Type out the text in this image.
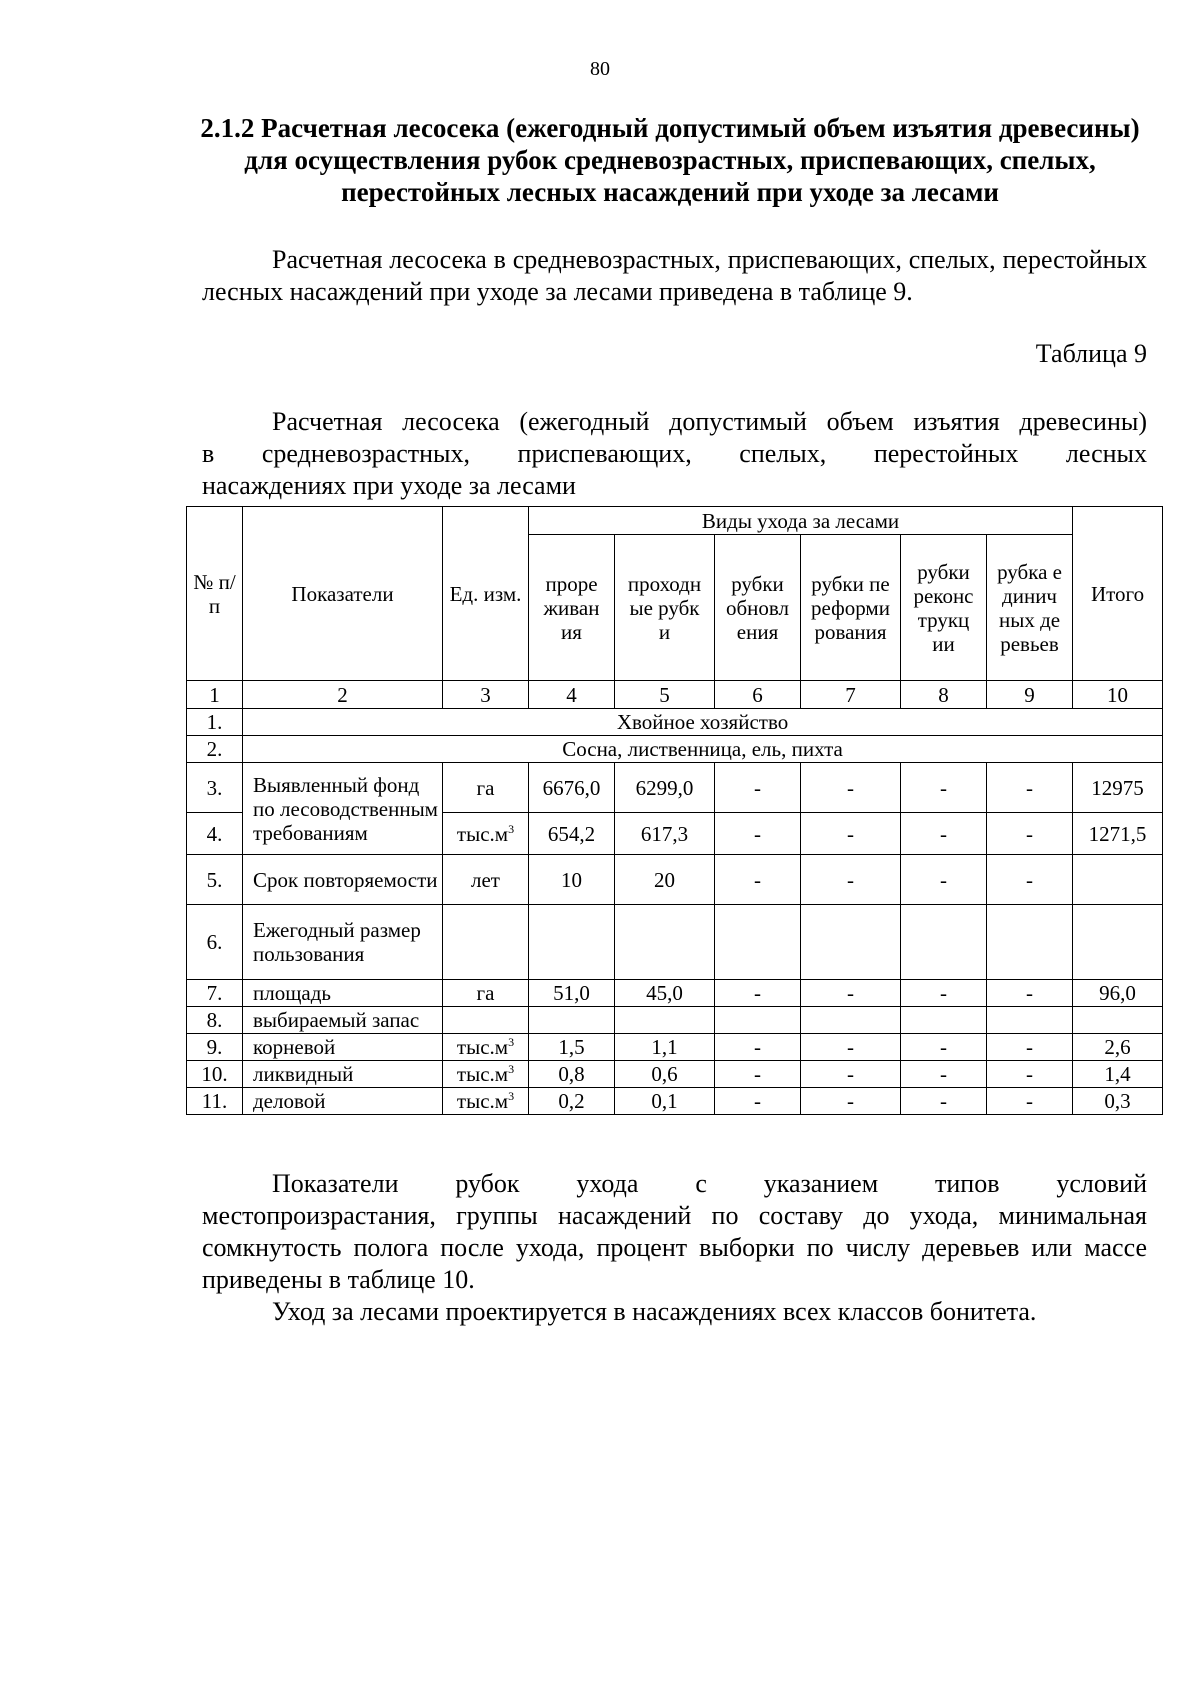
80
2.1.2 Расчетная лесосека (ежегодный допустимый объем изъятия древесины) для осуществления рубок средневозрастных, приспевающих, спелых, перестойных лесных насаждений при уходе за лесами

Расчетная лесосека в средневозрастных, приспевающих, спелых, перестойных лесных насаждений при уходе за лесами приведена в таблице 9.

Таблица 9

Расчетная лесосека (ежегодный допустимый объем изъятия древесины)
в средневозрастных, приспевающих, спелых, перестойных лесных
насаждениях при уходе за лесами

№ п/п	Показатели	Ед. изм.	Виды ухода за лесами						Итого
			прореживания	проходные рубки	рубки обновления	рубки переформирования	рубки реконструкции	рубка единичных деревьев	
1	2	3	4	5	6	7	8	9	10
1.	Хвойное хозяйство								
2.	Сосна, лиственница, ель, пихта								
3.	Выявленный фонд по лесоводственным требованиям	га	6676,0	6299,0	-	-	-	-	12975
4.		$тыс.м^3$	654,2	617,3	-	-	-	-	1271,5
5.	Срок повторяемости	лет	10	20	-	-	-	-	
6.	Ежегодный размер пользования								
7.	площадь	га	51,0	45,0	-	-	-	-	96,0
8.	выбираемый запас								
9.	корневой	$тыс.м^3$	1,5	1,1	-	-	-	-	2,6
10.	ликвидный	$тыс.м^3$	0,8	0,6	-	-	-	-	1,4
11.	деловой	$тыс.м^3$	0,2	0,1	-	-	-	-	0,3

Показатели рубок ухода с указанием типов условий
местопроизрастания, группы насаждений по составу до ухода, минимальная сомкнутость полога после ухода, процент выборки по числу деревьев или массе приведены в таблице 10.

Уход за лесами проектируется в насаждениях всех классов бонитета.
